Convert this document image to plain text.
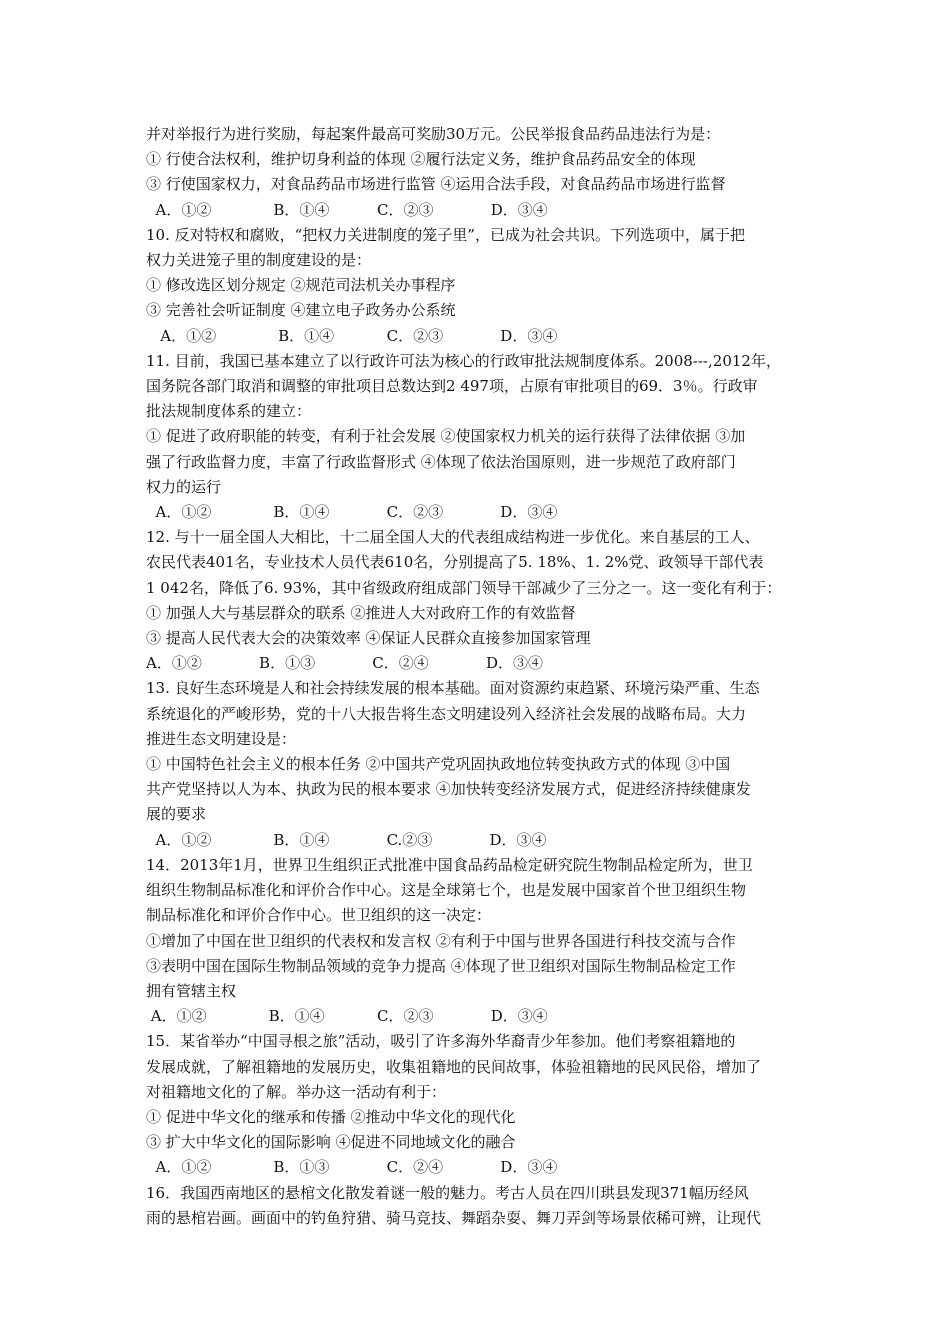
并对举报行为进行奖励，每起案件最高可奖励30万元。公民举报食品药品违法行为是：
① 行使合法权利，维护切身利益的体现 ②履行法定义务，维护食品药品安全的体现
③ 行使国家权力，对食品药品市场进行监管 ④运用合法手段，对食品药品市场进行监督
A．①②             B．①④          C．②③            D．③④
10. 反对特权和腐败，“把权力关进制度的笼子里”，已成为社会共识。下列选项中，属于把
权力关进笼子里的制度建设的是：
① 修改选区划分规定 ②规范司法机关办事程序
③ 完善社会听证制度 ④建立电子政务办公系统
A．①②             B．①④           C．②③            D．③④
11. 目前，我国已基本建立了以行政许可法为核心的行政审批法规制度体系。2008---,2012年，
国务院各部门取消和调整的审批项目总数达到2 497项，占原有审批项目的69．3％。行政审
批法规制度体系的建立：
① 促进了政府职能的转变，有利于社会发展 ②使国家权力机关的运行获得了法律依据 ③加
强了行政监督力度，丰富了行政监督形式 ④体现了依法治国原则，进一步规范了政府部门
权力的运行
A．①②             B．①④            C．②③            D．③④
12. 与十一届全国人大相比，十二届全国人大的代表组成结构进一步优化。来自基层的工人、
农民代表401名，专业技术人员代表610名，分别提高了5. 18%、1. 2%党、政领导干部代表
1 042名，降低了6. 93%，其中省级政府组成部门领导干部减少了三分之一。这一变化有利于：
① 加强人大与基层群众的联系 ②推进人大对政府工作的有效监督
③ 提高人民代表大会的决策效率 ④保证人民群众直接参加国家管理
A．①②            B．①③            C．②④            D．③④
13. 良好生态环境是人和社会持续发展的根本基础。面对资源约束趋紧、环境污染严重、生态
系统退化的严峻形势，党的十八大报告将生态文明建设列入经济社会发展的战略布局。大力
推进生态文明建设是：
① 中国特色社会主义的根本任务 ②中国共产党巩固执政地位转变执政方式的体现 ③中国
共产党坚持以人为本、执政为民的根本要求 ④加快转变经济发展方式，促进经济持续健康发
展的要求
A．①②             B．①④            C.②③            D．③④
14．2013年1月，世界卫生组织正式批准中国食品药品检定研究院生物制品检定所为，世卫
组织生物制品标准化和评价合作中心。这是全球第七个，也是发展中国家首个世卫组织生物
制品标准化和评价合作中心。世卫组织的这一决定：
①增加了中国在世卫组织的代表权和发言权 ②有利于中国与世界各国进行科技交流与合作
③表明中国在国际生物制品领域的竞争力提高 ④体现了世卫组织对国际生物制品检定工作
拥有管辖主权
A．①②             B．①④           C．②③            D．③④
15．某省举办“中国寻根之旅”活动，吸引了许多海外华裔青少年参加。他们考察祖籍地的
发展成就，了解祖籍地的发展历史，收集祖籍地的民间故事，体验祖籍地的民风民俗，增加了
对祖籍地文化的了解。举办这一活动有利于：
① 促进中华文化的继承和传播 ②推动中华文化的现代化
③ 扩大中华文化的国际影响 ④促进不同地域文化的融合
A．①②             B．①③            C．②④            D．③④
16．我国西南地区的悬棺文化散发着谜一般的魅力。考古人员在四川珙县发现371幅历经风
雨的悬棺岩画。画面中的钓鱼狩猎、骑马竞技、舞蹈杂耍、舞刀弄剑等场景依稀可辨，让现代
